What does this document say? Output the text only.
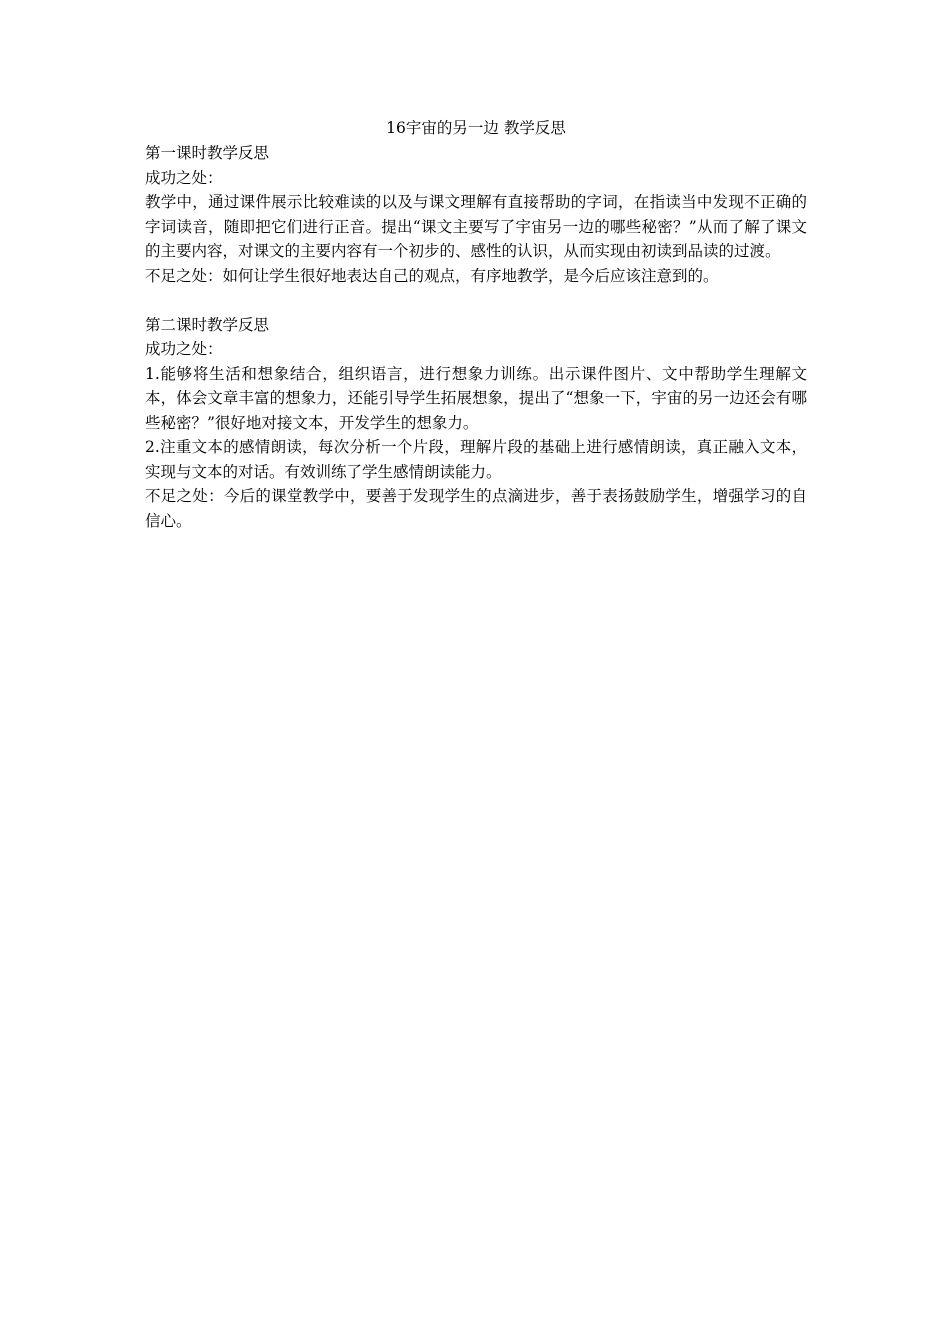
16宇宙的另一边 教学反思

第一课时教学反思

成功之处：

教学中，通过课件展示比较难读的以及与课文理解有直接帮助的字词，在指读当中发现不正确的字词读音，随即把它们进行正音。提出“课文主要写了宇宙另一边的哪些秘密？”从而了解了课文的主要内容，对课文的主要内容有一个初步的、感性的认识，从而实现由初读到品读的过渡。

不足之处：如何让学生很好地表达自己的观点，有序地教学，是今后应该注意到的。

第二课时教学反思

成功之处：

1.能够将生活和想象结合，组织语言，进行想象力训练。出示课件图片、文中帮助学生理解文本，体会文章丰富的想象力，还能引导学生拓展想象，提出了“想象一下，宇宙的另一边还会有哪些秘密？”很好地对接文本，开发学生的想象力。

2.注重文本的感情朗读，每次分析一个片段，理解片段的基础上进行感情朗读，真正融入文本，实现与文本的对话。有效训练了学生感情朗读能力。

不足之处：今后的课堂教学中，要善于发现学生的点滴进步，善于表扬鼓励学生，增强学习的自信心。
